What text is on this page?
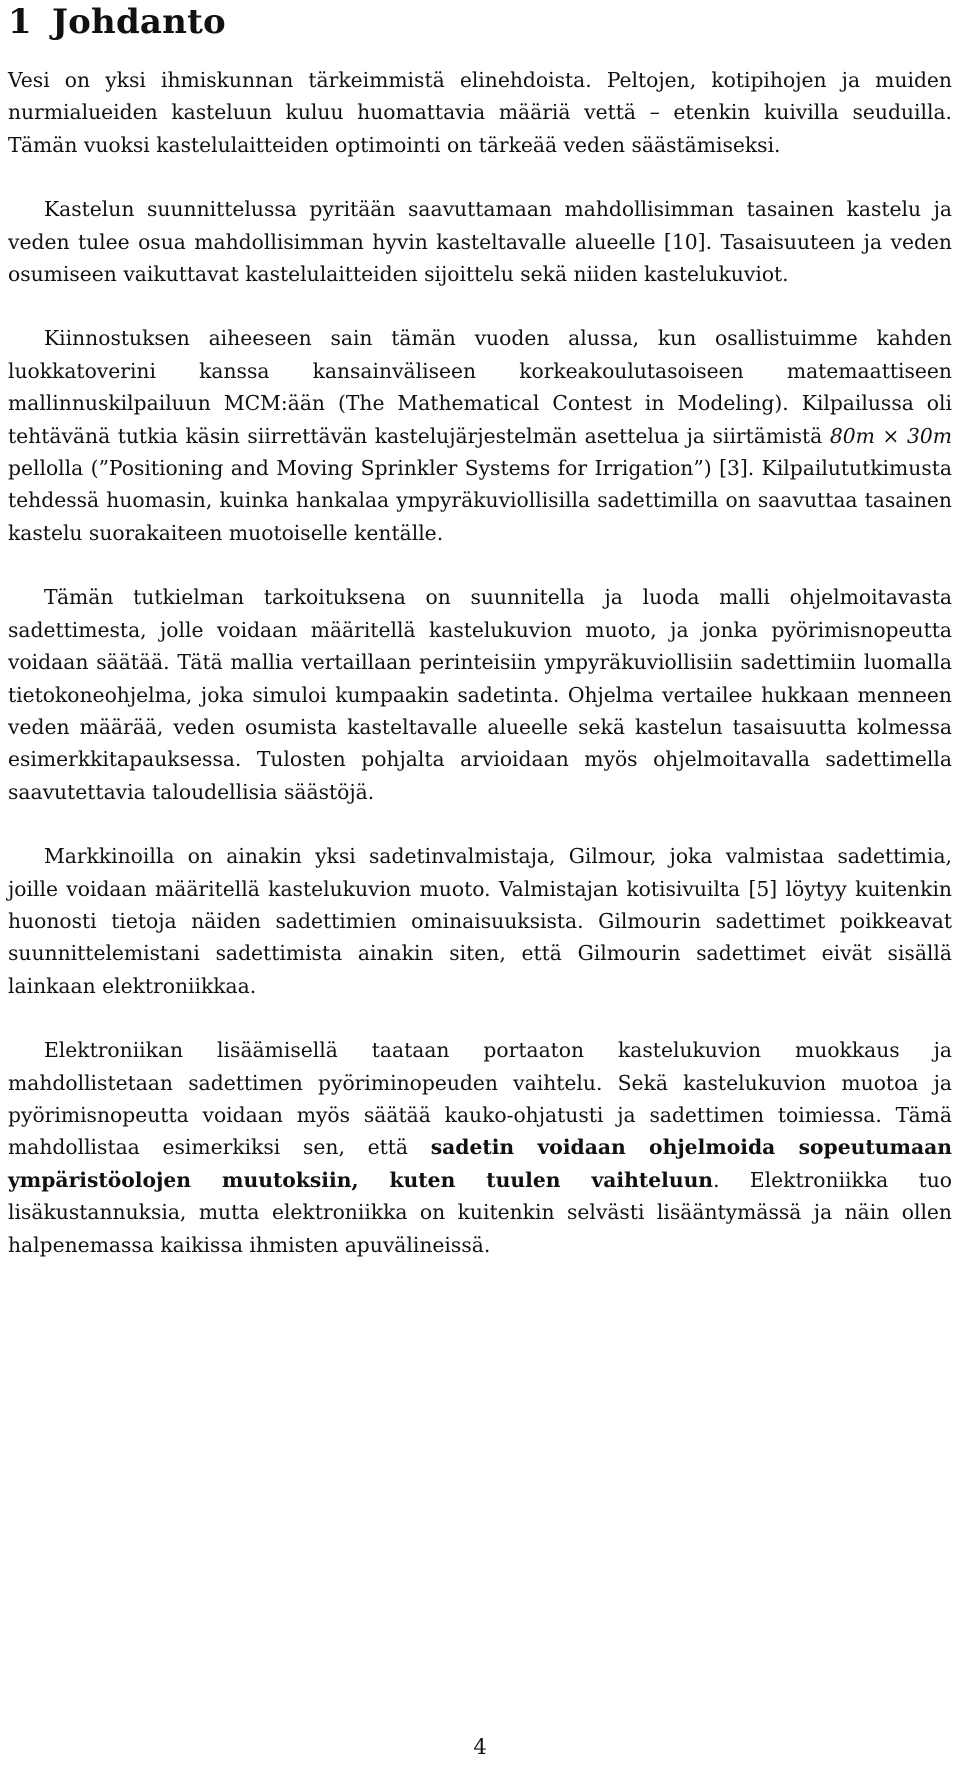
1 Johdanto

Vesi on yksi ihmiskunnan tärkeimmistä elinehdoista. Peltojen, kotipihojen ja muiden nurmialueiden kasteluun kuluu huomattavia määriä vettä – etenkin kuivilla seuduilla. Tämän vuoksi kastelulaitteiden optimointi on tärkeää veden säästämiseksi.

Kastelun suunnittelussa pyritään saavuttamaan mahdollisimman tasainen kastelu ja veden tulee osua mahdollisimman hyvin kasteltavalle alueelle [10]. Tasaisuuteen ja veden osumiseen vaikuttavat kastelulaitteiden sijoittelu sekä niiden kastelukuviot.

Kiinnostuksen aiheeseen sain tämän vuoden alussa, kun osallistuimme kahden luokkatoverini kanssa kansainväliseen korkeakoulutasoiseen matemaattiseen mallinnuskilpailuun MCM:ään (The Mathematical Contest in Modeling). Kilpailussa oli tehtävänä tutkia käsin siirrettävän kastelujärjestelmän asettelua ja siirtämistä 80m × 30m pellolla (”Positioning and Moving Sprinkler Systems for Irrigation”) [3]. Kilpailututkimusta tehdessä huomasin, kuinka hankalaa ympyräkuviollisilla sadettimilla on saavuttaa tasainen kastelu suorakaiteen muotoiselle kentälle.

Tämän tutkielman tarkoituksena on suunnitella ja luoda malli ohjelmoitavasta sadettimesta, jolle voidaan määritellä kastelukuvion muoto, ja jonka pyörimisnopeutta voidaan säätää. Tätä mallia vertaillaan perinteisiin ympyräkuviollisiin sadettimiin luomalla tietokoneohjelma, joka simuloi kumpaakin sadetinta. Ohjelma vertailee hukkaan menneen veden määrää, veden osumista kasteltavalle alueelle sekä kastelun tasaisuutta kolmessa esimerkkitapauksessa. Tulosten pohjalta arvioidaan myös ohjelmoitavalla sadettimella saavutettavia taloudellisia säästöjä.

Markkinoilla on ainakin yksi sadetinvalmistaja, Gilmour, joka valmistaa sadettimia, joille voidaan määritellä kastelukuvion muoto. Valmistajan kotisivuilta [5] löytyy kuitenkin huonosti tietoja näiden sadettimien ominaisuuksista. Gilmourin sadettimet poikkeavat suunnittelemistani sadettimista ainakin siten, että Gilmourin sadettimet eivät sisällä lainkaan elektroniikkaa.

Elektroniikan lisäämisellä taataan portaaton kastelukuvion muokkaus ja mahdollistetaan sadettimen pyöriminopeuden vaihtelu. Sekä kastelukuvion muotoa ja pyörimisnopeutta voidaan myös säätää kauko-ohjatusti ja sadettimen toimiessa. Tämä mahdollistaa esimerkiksi sen, että sadetin voidaan ohjelmoida sopeutumaan ympäristöolojen muutoksiin, kuten tuulen vaihteluun. Elektroniikka tuo lisäkustannuksia, mutta elektroniikka on kuitenkin selvästi lisääntymässä ja näin ollen halpenemassa kaikissa ihmisten apuvälineissä.

4
